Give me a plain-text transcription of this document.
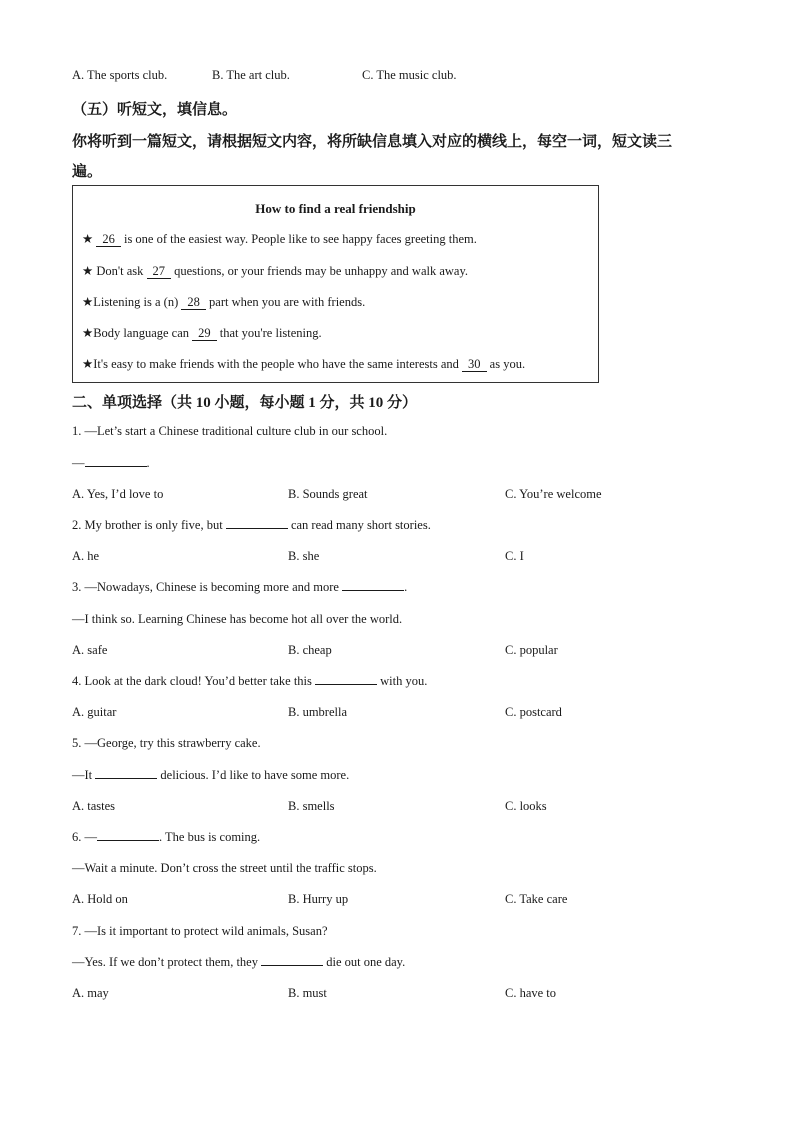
A. The sports club.	B. The art club.	C. The music club.
（五）听短文，填信息。
你将听到一篇短文，请根据短文内容，将所缺信息填入对应的横线上，每空一词，短文读三
遍。
How to find a real friendship
★ 26 is one of the easiest way. People like to see happy faces greeting them.
★ Don't ask 27 questions, or your friends may be unhappy and walk away.
★Listening is a (n) 28 part when you are with friends.
★Body language can 29 that you're listening.
★It's easy to make friends with the people who have the same interests and 30 as you.
二、单项选择（共 10 小题，每小题 1 分，共 10 分）
1. —Let’s start a Chinese traditional culture club in our school.
—	.
A. Yes, I’d love to	B. Sounds great	C. You’re welcome
2. My brother is only five, but	can read many short stories.
A. he	B. she	C. I
3. —Nowadays, Chinese is becoming more and more	.
—I think so. Learning Chinese has become hot all over the world.
A. safe	B. cheap	C. popular
4. Look at the dark cloud! You’d better take this	with you.
A. guitar	B. umbrella	C. postcard
5. —George, try this strawberry cake.
—It	delicious. I’d like to have some more.
A. tastes	B. smells	C. looks
6. —	. The bus is coming.
—Wait a minute. Don’t cross the street until the traffic stops.
A. Hold on	B. Hurry up	C. Take care
7. —Is it important to protect wild animals, Susan?
—Yes. If we don’t protect them, they	die out one day.
A. may	B. must	C. have to
